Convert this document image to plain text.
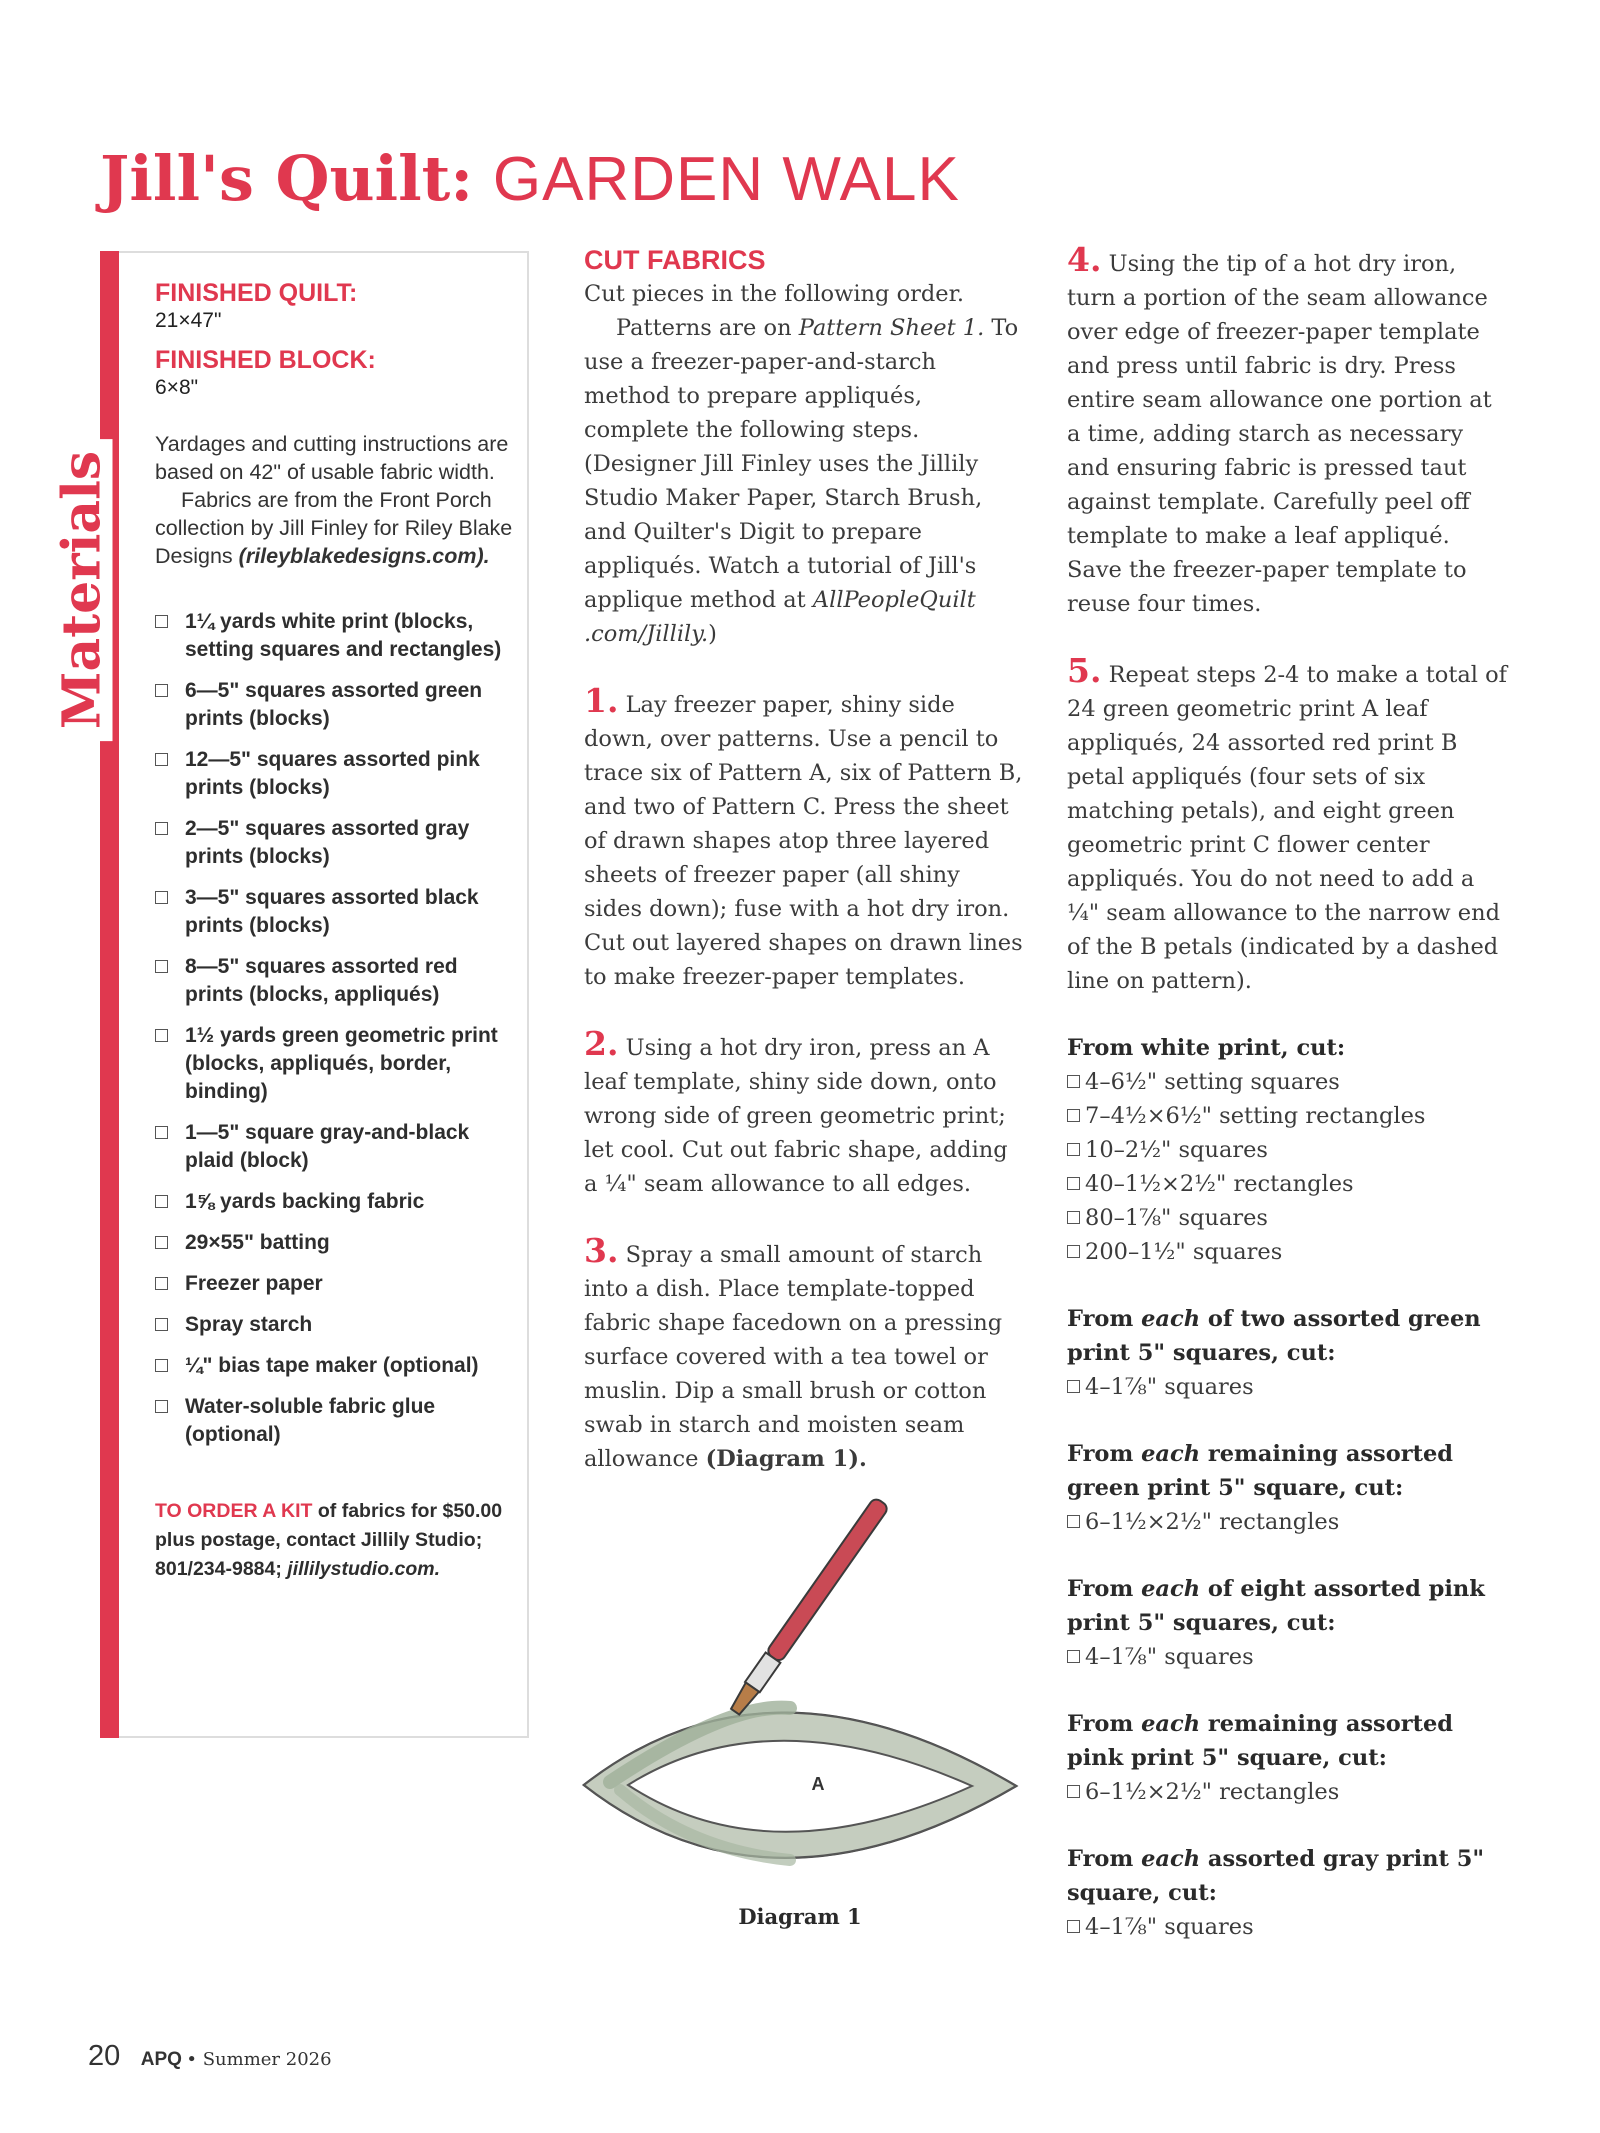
Jill's Quilt: GARDEN WALK
Materials
FINISHED QUILT:
21×47"
FINISHED BLOCK:
6×8"
Yardages and cutting instructions are based on 42" of usable fabric width.
Fabrics are from the Front Porch collection by Jill Finley for Riley Blake Designs (rileyblakedesigns.com).
1¼ yards white print (blocks, setting squares and rectangles)
6—5" squares assorted green prints (blocks)
12—5" squares assorted pink prints (blocks)
2—5" squares assorted gray prints (blocks)
3—5" squares assorted black prints (blocks)
8—5" squares assorted red prints (blocks, appliqués)
1½ yards green geometric print (blocks, appliqués, border, binding)
1—5" square gray-and-black plaid (block)
1⅝ yards backing fabric
29×55" batting
Freezer paper
Spray starch
¼" bias tape maker (optional)
Water-soluble fabric glue (optional)
TO ORDER A KIT of fabrics for $50.00 plus postage, contact Jillily Studio; 801/234-9884; jillilystudio.com.
CUT FABRICS

Cut pieces in the following order.

Patterns are on Pattern Sheet 1. To use a freezer-paper-and-starch method to prepare appliqués, complete the following steps. (Designer Jill Finley uses the Jillily Studio Maker Paper, Starch Brush, and Quilter's Digit to prepare appliqués. Watch a tutorial of Jill's applique method at AllPeopleQuilt .com/Jillily.)

1. Lay freezer paper, shiny side down, over patterns. Use a pencil to trace six of Pattern A, six of Pattern B, and two of Pattern C. Press the sheet of drawn shapes atop three layered sheets of freezer paper (all shiny sides down); fuse with a hot dry iron. Cut out layered shapes on drawn lines to make freezer-paper templates.

2. Using a hot dry iron, press an A leaf template, shiny side down, onto wrong side of green geometric print; let cool. Cut out fabric shape, adding a ¼" seam allowance to all edges.

3. Spray a small amount of starch into a dish. Place template-topped fabric shape facedown on a pressing surface covered with a tea towel or muslin. Dip a small brush or cotton swab in starch and moisten seam allowance (Diagram 1).

A
Diagram 1

4. Using the tip of a hot dry iron, turn a portion of the seam allowance over edge of freezer-paper template and press until fabric is dry. Press entire seam allowance one portion at a time, adding starch as necessary and ensuring fabric is pressed taut against template. Carefully peel off template to make a leaf appliqué. Save the freezer-paper template to reuse four times.

5. Repeat steps 2-4 to make a total of 24 green geometric print A leaf appliqués, 24 assorted red print B petal appliqués (four sets of six matching petals), and eight green geometric print C flower center appliqués. You do not need to add a ¼" seam allowance to the narrow end of the B petals (indicated by a dashed line on pattern).

From white print, cut:
4–6½" setting squares
7–4½×6½" setting rectangles
10–2½" squares
40–1½×2½" rectangles
80–1⅞" squares
200–1½" squares
From each of two assorted green print 5" squares, cut:
4–1⅞" squares
From each remaining assorted green print 5" square, cut:
6–1½×2½" rectangles
From each of eight assorted pink print 5" squares, cut:
4–1⅞" squares
From each remaining assorted pink print 5" square, cut:
6–1½×2½" rectangles
From each assorted gray print 5" square, cut:
4–1⅞" squares
20 APQ • Summer 2026
